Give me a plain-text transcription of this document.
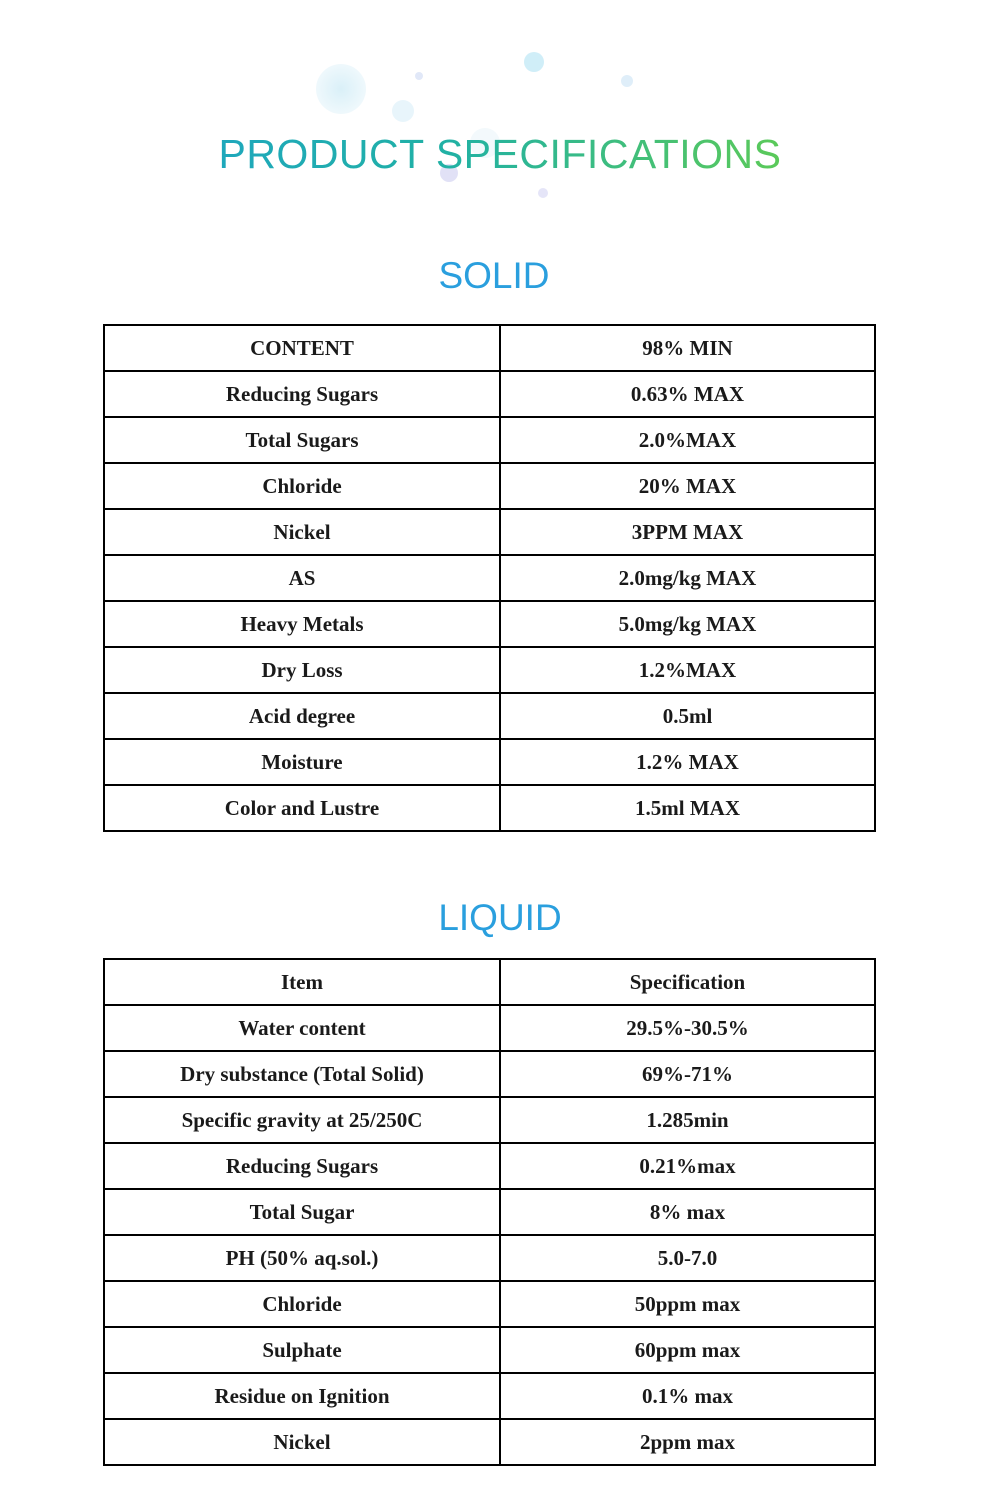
PRODUCT SPECIFICATIONS
SOLID
CONTENT	98% MIN
Reducing Sugars	0.63% MAX
Total Sugars	2.0%MAX
Chloride	20% MAX
Nickel	3PPM MAX
AS	2.0mg/kg MAX
Heavy Metals	5.0mg/kg MAX
Dry Loss	1.2%MAX
Acid degree	0.5ml
Moisture	1.2% MAX
Color and Lustre	1.5ml MAX
LIQUID
Item	Specification
Water content	29.5%-30.5%
Dry substance (Total Solid)	69%-71%
Specific gravity at 25/250C	1.285min
Reducing Sugars	0.21%max
Total Sugar	8% max
PH (50% aq.sol.)	5.0-7.0
Chloride	50ppm max
Sulphate	60ppm max
Residue on Ignition	0.1% max
Nickel	2ppm max
